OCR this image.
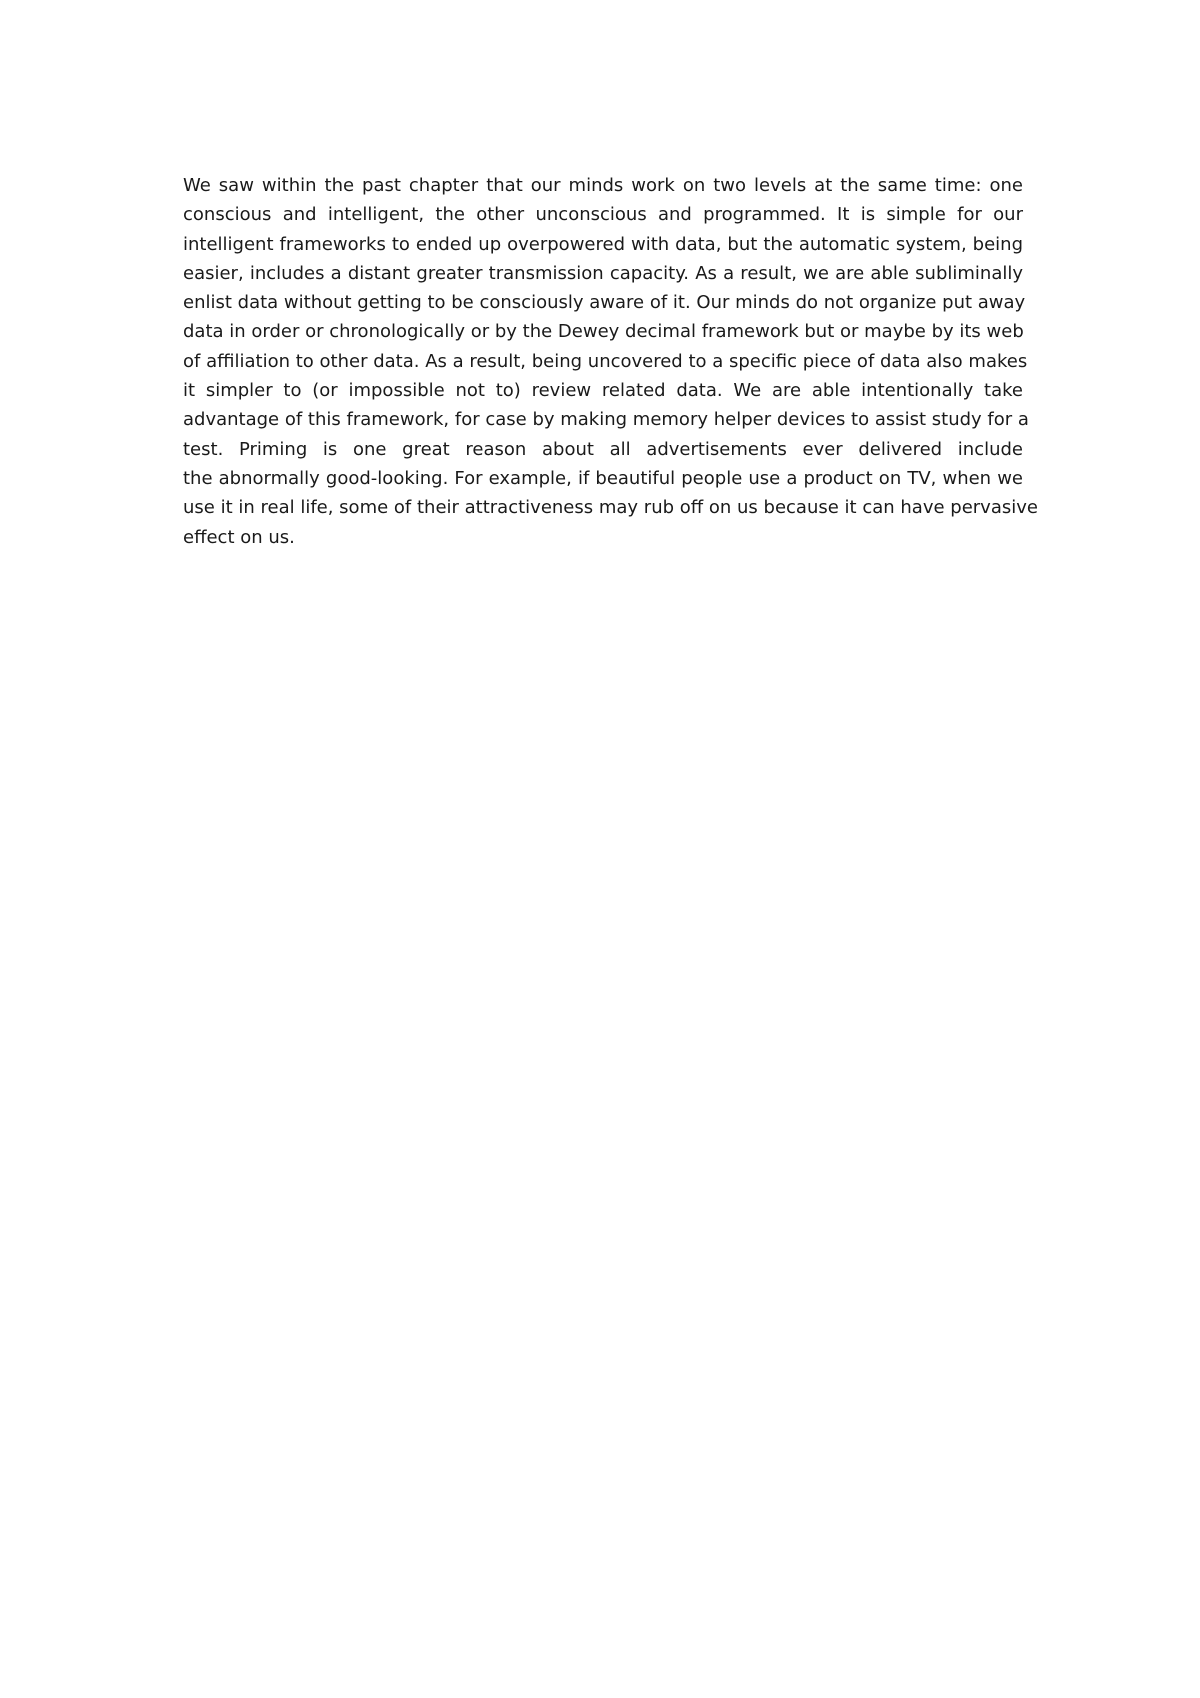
We saw within the past chapter that our minds work on two levels at the same time: one
conscious and intelligent, the other unconscious and programmed. It is simple for our
intelligent frameworks to ended up overpowered with data, but the automatic system, being
easier, includes a distant greater transmission capacity. As a result, we are able subliminally
enlist data without getting to be consciously aware of it. Our minds do not organize put away
data in order or chronologically or by the Dewey decimal framework but or maybe by its web
of affiliation to other data. As a result, being uncovered to a specific piece of data also makes
it simpler to (or impossible not to) review related data. We are able intentionally take
advantage of this framework, for case by making memory helper devices to assist study for a
test. Priming is one great reason about all advertisements ever delivered include
the abnormally good-looking. For example, if beautiful people use a product on TV, when we
use it in real life, some of their attractiveness may rub off on us because it can have pervasive
effect on us.
